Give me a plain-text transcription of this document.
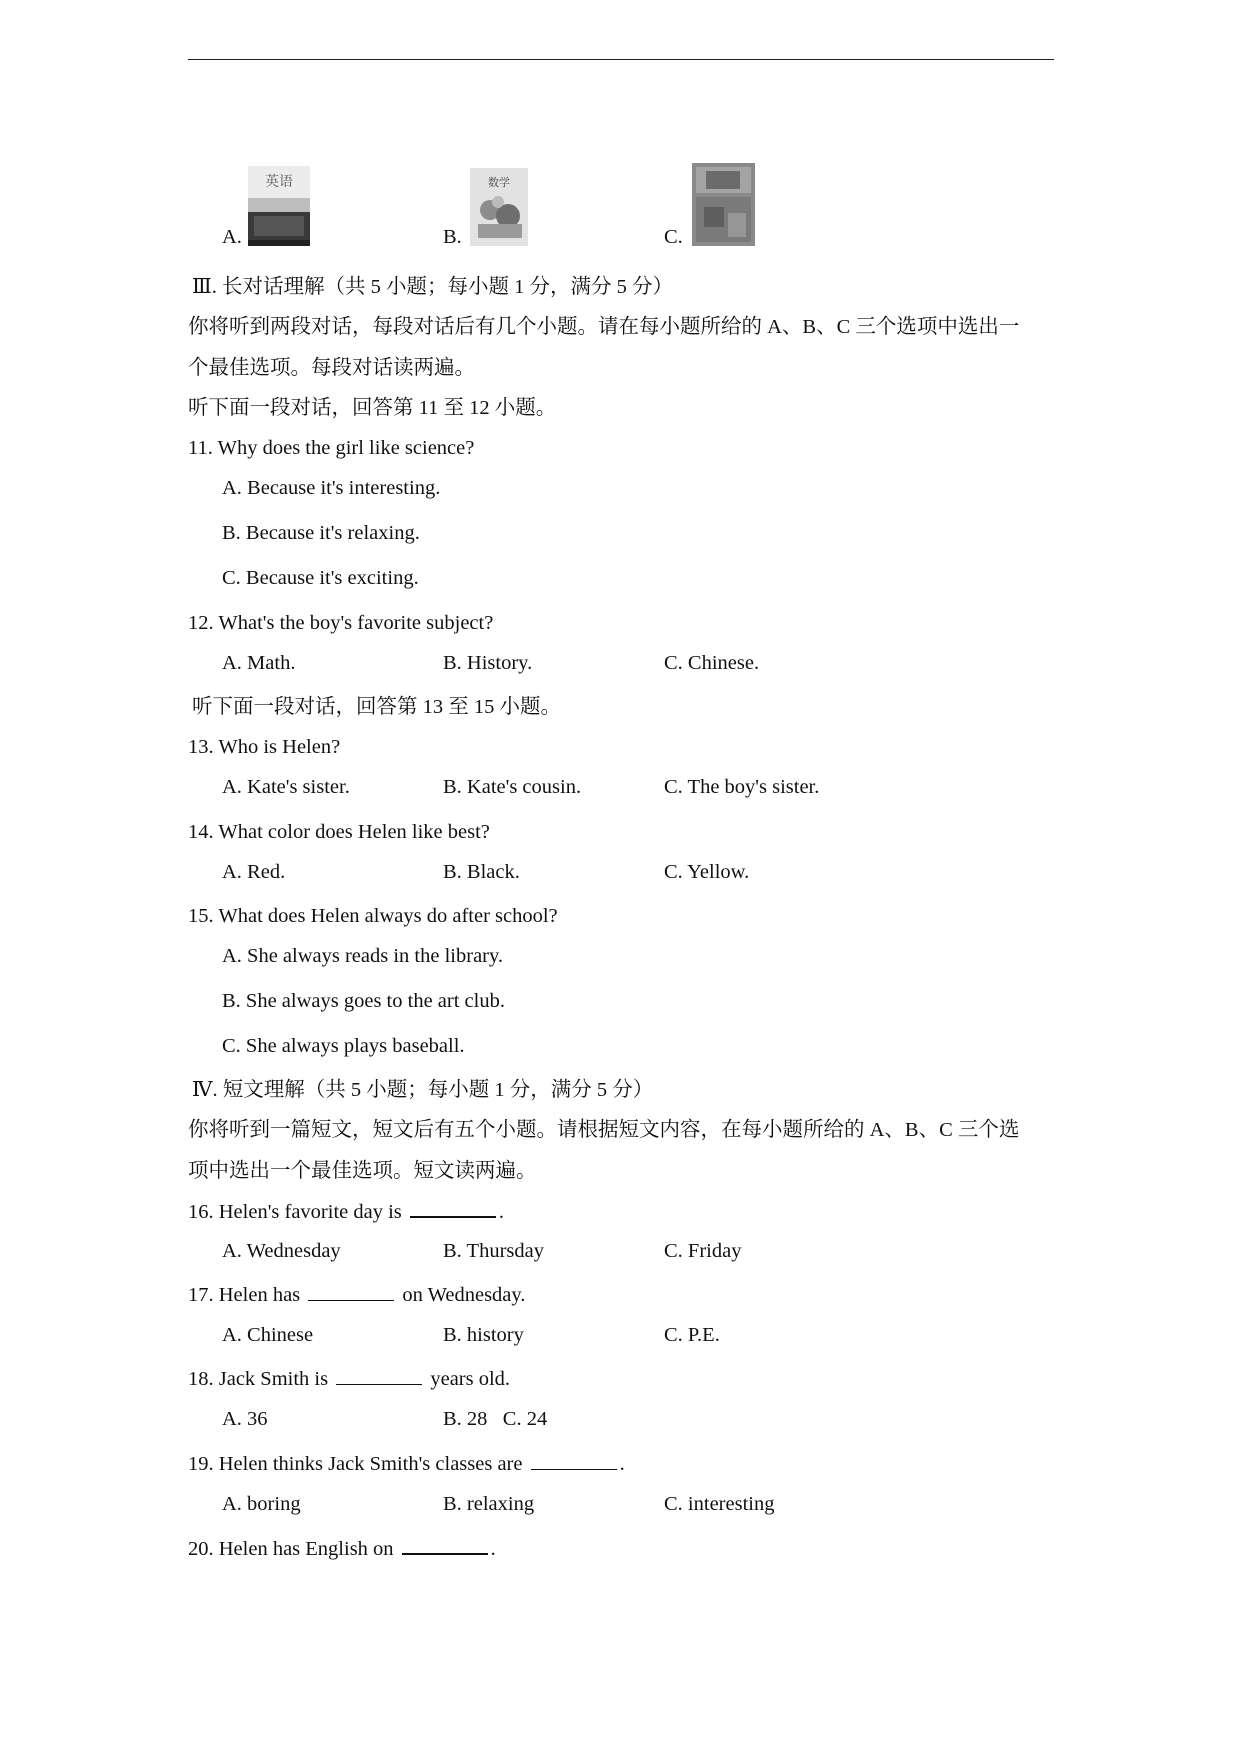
A.
英语
B.
数学
C.
Ⅲ. 长对话理解（共 5 小题；每小题 1 分，满分 5 分）
你将听到两段对话，每段对话后有几个小题。请在每小题所给的 A、B、C 三个选项中选出一
个最佳选项。每段对话读两遍。
听下面一段对话，回答第 11 至 12 小题。
11. Why does the girl like science?
A. Because it's interesting.
B. Because it's relaxing.
C. Because it's exciting.
12. What's the boy's favorite subject?
A. Math.	B. History.	C. Chinese.
听下面一段对话，回答第 13 至 15 小题。
13. Who is Helen?
A. Kate's sister.	B. Kate's cousin.	C. The boy's sister.
14. What color does Helen like best?
A. Red.	B. Black.	C. Yellow.
15. What does Helen always do after school?
A. She always reads in the library.
B. She always goes to the art club.
C. She always plays baseball.
Ⅳ. 短文理解（共 5 小题；每小题 1 分，满分 5 分）
你将听到一篇短文，短文后有五个小题。请根据短文内容，在每小题所给的 A、B、C 三个选
项中选出一个最佳选项。短文读两遍。
16. Helen's favorite day is	.
A. Wednesday	B. Thursday	C. Friday
17. Helen has	on Wednesday.
A. Chinese	B. history	C. P.E.
18. Jack Smith is	years old.
A. 36	B. 28   C. 24
19. Helen thinks Jack Smith's classes are	.
A. boring	B. relaxing	C. interesting
20. Helen has English on	.
